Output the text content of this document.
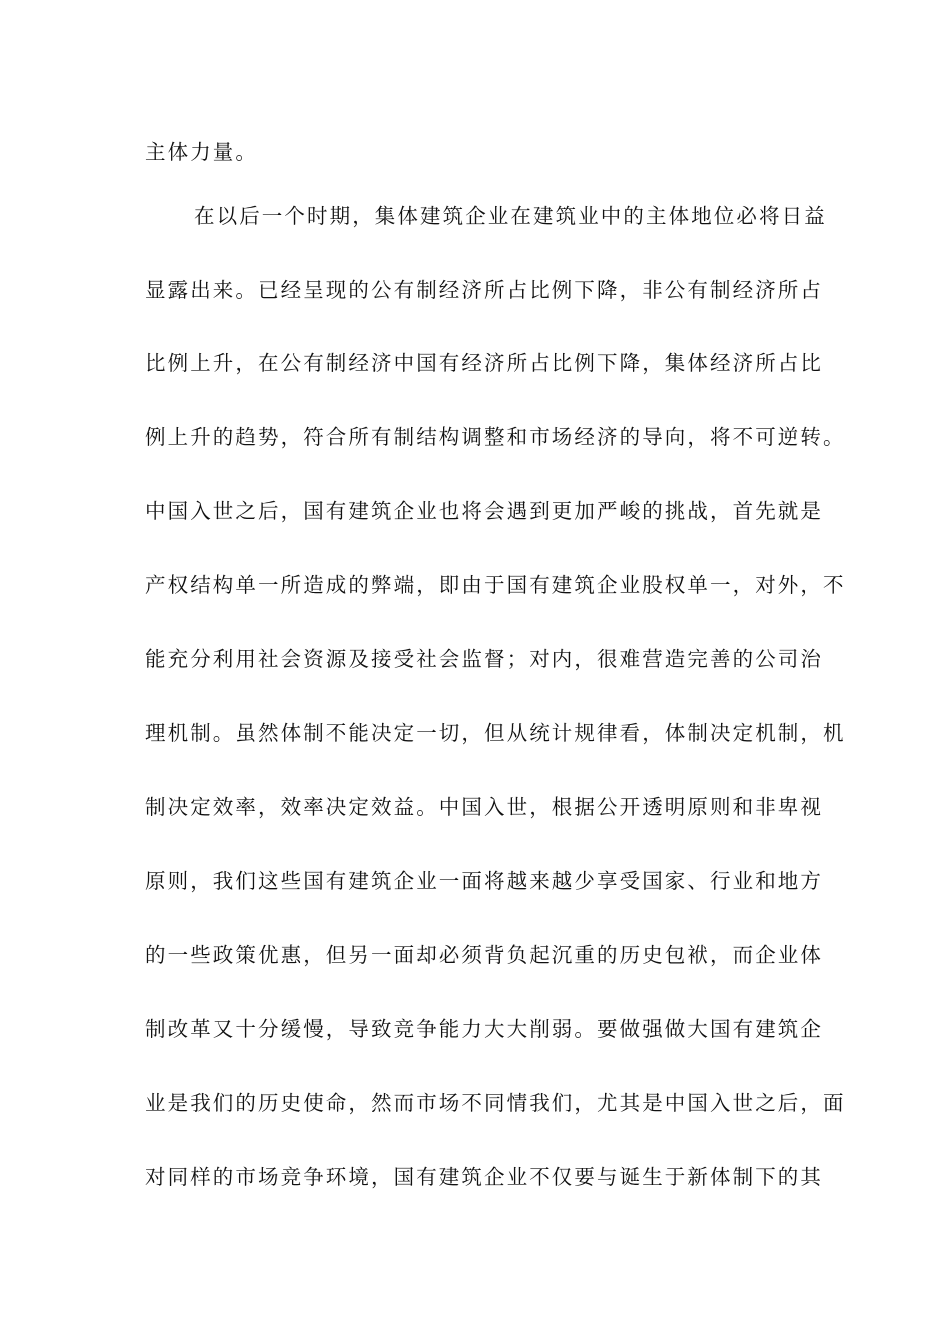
主体力量。
在以后一个时期，集体建筑企业在建筑业中的主体地位必将日益
显露出来。已经呈现的公有制经济所占比例下降，非公有制经济所占
比例上升，在公有制经济中国有经济所占比例下降，集体经济所占比
例上升的趋势，符合所有制结构调整和市场经济的导向，将不可逆转。
中国入世之后，国有建筑企业也将会遇到更加严峻的挑战，首先就是
产权结构单一所造成的弊端，即由于国有建筑企业股权单一，对外，不
能充分利用社会资源及接受社会监督；对内，很难营造完善的公司治
理机制。虽然体制不能决定一切，但从统计规律看，体制决定机制，机
制决定效率，效率决定效益。中国入世，根据公开透明原则和非卑视
原则，我们这些国有建筑企业一面将越来越少享受国家、行业和地方
的一些政策优惠，但另一面却必须背负起沉重的历史包袱，而企业体
制改革又十分缓慢，导致竞争能力大大削弱。要做强做大国有建筑企
业是我们的历史使命，然而市场不同情我们，尤其是中国入世之后，面
对同样的市场竞争环境，国有建筑企业不仅要与诞生于新体制下的其
